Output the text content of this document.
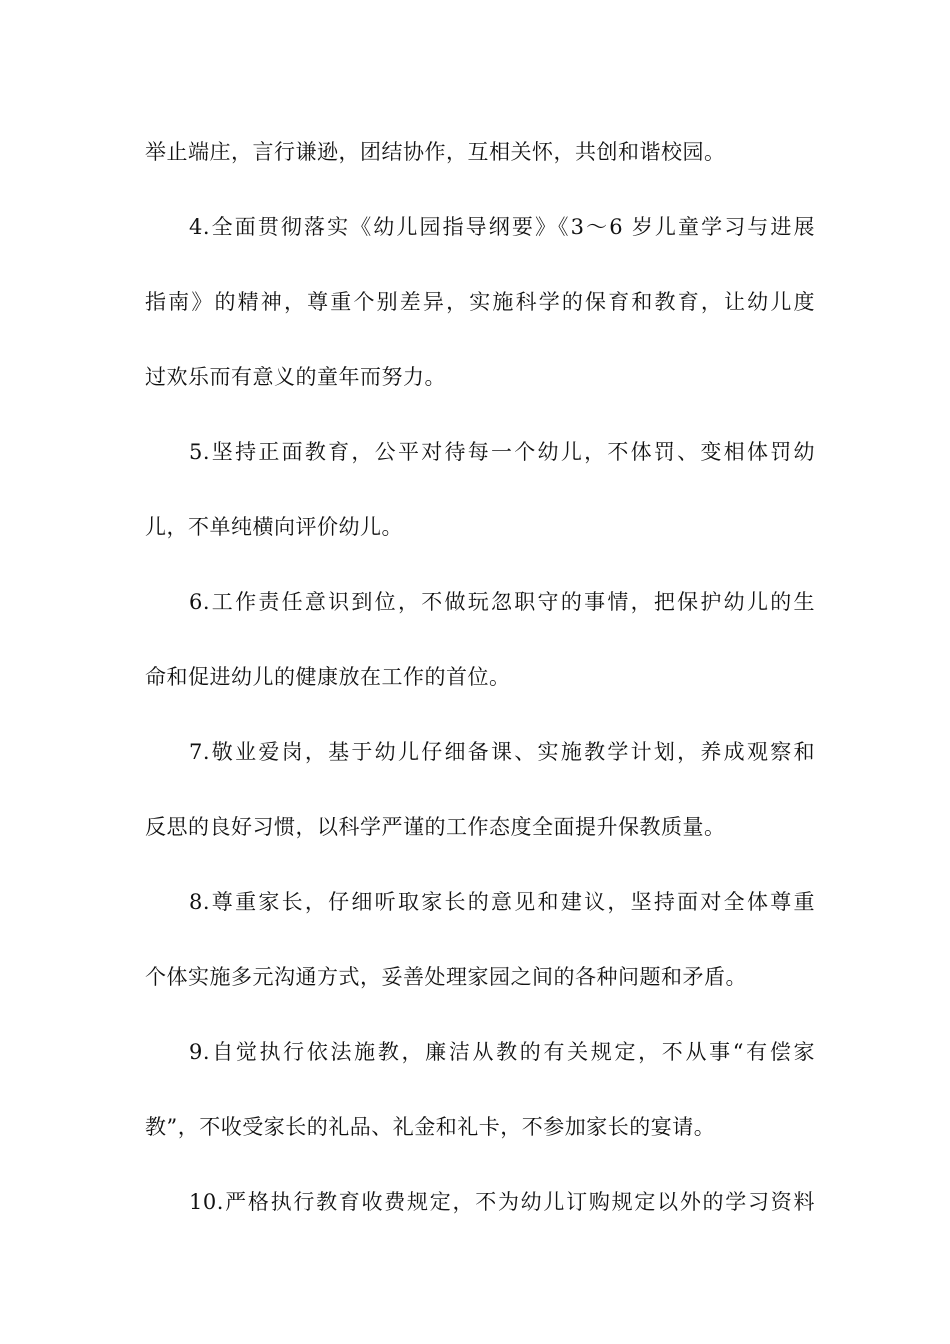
举止端庄，言行谦逊，团结协作，互相关怀，共创和谐校园。
4.全面贯彻落实《幼儿园指导纲要》《3～6 岁儿童学习与进展
指南》的精神，尊重个别差异，实施科学的保育和教育，让幼儿度
过欢乐而有意义的童年而努力。
5.坚持正面教育，公平对待每一个幼儿，不体罚、变相体罚幼
儿，不单纯横向评价幼儿。
6.工作责任意识到位，不做玩忽职守的事情，把保护幼儿的生
命和促进幼儿的健康放在工作的首位。
7.敬业爱岗，基于幼儿仔细备课、实施教学计划，养成观察和
反思的良好习惯，以科学严谨的工作态度全面提升保教质量。
8.尊重家长，仔细听取家长的意见和建议，坚持面对全体尊重
个体实施多元沟通方式，妥善处理家园之间的各种问题和矛盾。
9.自觉执行依法施教，廉洁从教的有关规定，不从事“有偿家
教”，不收受家长的礼品、礼金和礼卡，不参加家长的宴请。
10.严格执行教育收费规定，不为幼儿订购规定以外的学习资料
